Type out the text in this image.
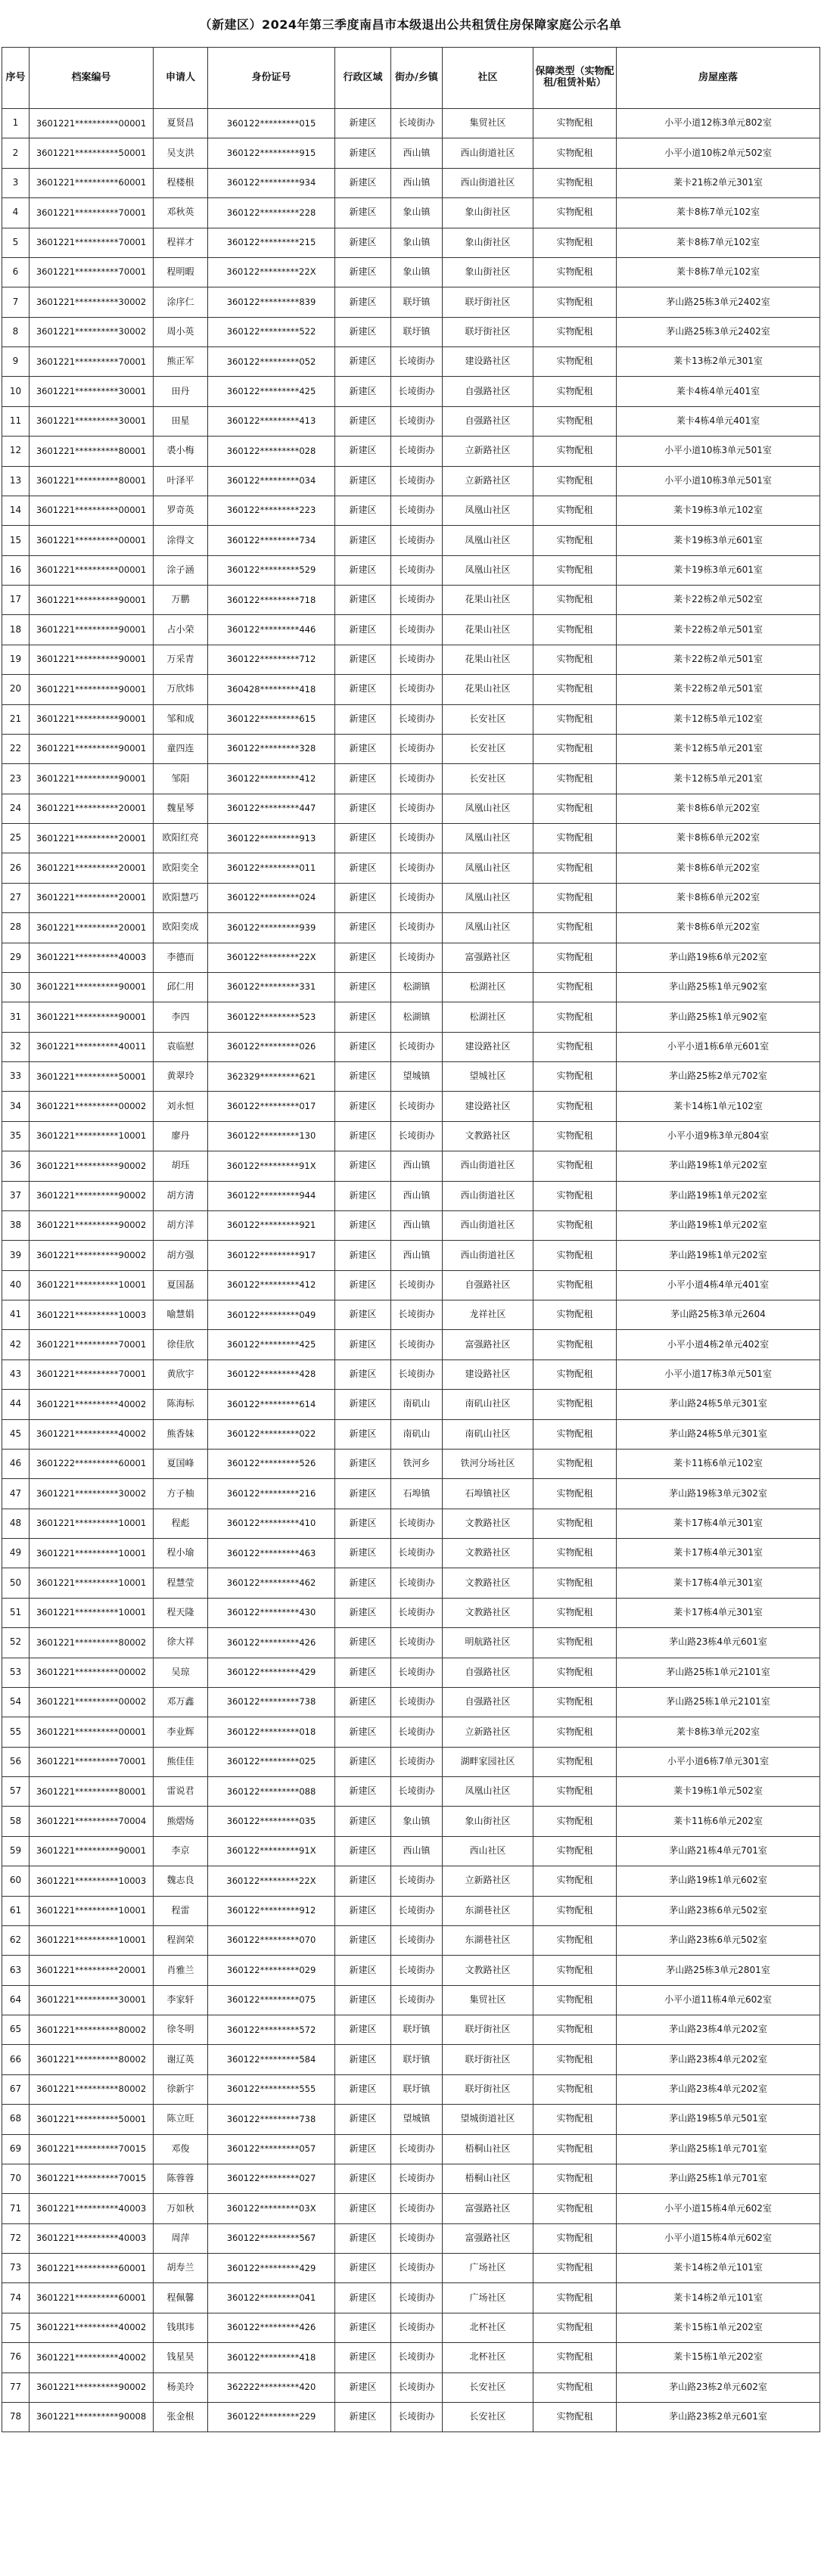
（新建区）2024年第三季度南昌市本级退出公共租赁住房保障家庭公示名单
序号	档案编号	申请人	身份证号	行政区域	街办/乡镇	社区	保障类型（实物配租/租赁补贴）	房屋座落
1	3601221**********00001	夏贤昌	360122*********015	新建区	长堎街办	集贸社区	实物配租	小平小道12栋3单元802室
2	3601221**********50001	吴支洪	360122*********915	新建区	西山镇	西山街道社区	实物配租	小平小道10栋2单元502室
3	3601221**********60001	程楼根	360122*********934	新建区	西山镇	西山街道社区	实物配租	莱卡21栋2单元301室
4	3601221**********70001	邓秋英	360122*********228	新建区	象山镇	象山街社区	实物配租	莱卡8栋7单元102室
5	3601221**********70001	程祥才	360122*********215	新建区	象山镇	象山街社区	实物配租	莱卡8栋7单元102室
6	3601221**********70001	程明暇	360122*********22X	新建区	象山镇	象山街社区	实物配租	莱卡8栋7单元102室
7	3601221**********30002	涂序仁	360122*********839	新建区	联圩镇	联圩街社区	实物配租	茅山路25栋3单元2402室
8	3601221**********30002	周小英	360122*********522	新建区	联圩镇	联圩街社区	实物配租	茅山路25栋3单元2402室
9	3601221**********70001	熊正军	360122*********052	新建区	长堎街办	建设路社区	实物配租	莱卡13栋2单元301室
10	3601221**********30001	田丹	360122*********425	新建区	长堎街办	自强路社区	实物配租	莱卡4栋4单元401室
11	3601221**********30001	田星	360122*********413	新建区	长堎街办	自强路社区	实物配租	莱卡4栋4单元401室
12	3601221**********80001	裘小梅	360122*********028	新建区	长堎街办	立新路社区	实物配租	小平小道10栋3单元501室
13	3601221**********80001	叶泽平	360122*********034	新建区	长堎街办	立新路社区	实物配租	小平小道10栋3单元501室
14	3601221**********00001	罗奇英	360122*********223	新建区	长堎街办	凤凰山社区	实物配租	莱卡19栋3单元102室
15	3601221**********00001	涂得文	360122*********734	新建区	长堎街办	凤凰山社区	实物配租	莱卡19栋3单元601室
16	3601221**********00001	涂子涵	360122*********529	新建区	长堎街办	凤凰山社区	实物配租	莱卡19栋3单元601室
17	3601221**********90001	万鹏	360122*********718	新建区	长堎街办	花果山社区	实物配租	莱卡22栋2单元502室
18	3601221**********90001	占小荣	360122*********446	新建区	长堎街办	花果山社区	实物配租	莱卡22栋2单元501室
19	3601221**********90001	万采青	360122*********712	新建区	长堎街办	花果山社区	实物配租	莱卡22栋2单元501室
20	3601221**********90001	万欣炜	360428*********418	新建区	长堎街办	花果山社区	实物配租	莱卡22栋2单元501室
21	3601221**********90001	邹和成	360122*********615	新建区	长堎街办	长安社区	实物配租	莱卡12栋5单元102室
22	3601221**********90001	童四连	360122*********328	新建区	长堎街办	长安社区	实物配租	莱卡12栋5单元201室
23	3601221**********90001	邹阳	360122*********412	新建区	长堎街办	长安社区	实物配租	莱卡12栋5单元201室
24	3601221**********20001	魏星琴	360122*********447	新建区	长堎街办	凤凰山社区	实物配租	莱卡8栋6单元202室
25	3601221**********20001	欧阳红亮	360122*********913	新建区	长堎街办	凤凰山社区	实物配租	莱卡8栋6单元202室
26	3601221**********20001	欧阳奕全	360122*********011	新建区	长堎街办	凤凰山社区	实物配租	莱卡8栋6单元202室
27	3601221**********20001	欧阳慧巧	360122*********024	新建区	长堎街办	凤凰山社区	实物配租	莱卡8栋6单元202室
28	3601221**********20001	欧阳奕成	360122*********939	新建区	长堎街办	凤凰山社区	实物配租	莱卡8栋6单元202室
29	3601221**********40003	李德而	360122*********22X	新建区	长堎街办	富强路社区	实物配租	茅山路19栋6单元202室
30	3601221**********90001	邱仁用	360122*********331	新建区	松湖镇	松湖社区	实物配租	茅山路25栋1单元902室
31	3601221**********90001	李四	360122*********523	新建区	松湖镇	松湖社区	实物配租	茅山路25栋1单元902室
32	3601221**********40011	袁临慰	360122*********026	新建区	长堎街办	建设路社区	实物配租	小平小道1栋6单元601室
33	3601221**********50001	黄翠玲	362329*********621	新建区	望城镇	望城社区	实物配租	茅山路25栋2单元702室
34	3601221**********00002	刘永恒	360122*********017	新建区	长堎街办	建设路社区	实物配租	莱卡14栋1单元102室
35	3601221**********10001	廖丹	360122*********130	新建区	长堎街办	文教路社区	实物配租	小平小道9栋3单元804室
36	3601221**********90002	胡珏	360122*********91X	新建区	西山镇	西山街道社区	实物配租	茅山路19栋1单元202室
37	3601221**********90002	胡方清	360122*********944	新建区	西山镇	西山街道社区	实物配租	茅山路19栋1单元202室
38	3601221**********90002	胡方洋	360122*********921	新建区	西山镇	西山街道社区	实物配租	茅山路19栋1单元202室
39	3601221**********90002	胡方强	360122*********917	新建区	西山镇	西山街道社区	实物配租	茅山路19栋1单元202室
40	3601221**********10001	夏国磊	360122*********412	新建区	长堎街办	自强路社区	实物配租	小平小道4栋4单元401室
41	3601221**********10003	喻慧娟	360122*********049	新建区	长堎街办	龙祥社区	实物配租	茅山路25栋3单元2604
42	3601221**********70001	徐佳欣	360122*********425	新建区	长堎街办	富强路社区	实物配租	小平小道4栋2单元402室
43	3601221**********70001	黄欣宇	360122*********428	新建区	长堎街办	建设路社区	实物配租	小平小道17栋3单元501室
44	3601221**********40002	陈海标	360122*********614	新建区	南矶山	南矶山社区	实物配租	茅山路24栋5单元301室
45	3601221**********40002	熊香妹	360122*********022	新建区	南矶山	南矶山社区	实物配租	茅山路24栋5单元301室
46	3601222**********60001	夏国峰	360122*********526	新建区	铁河乡	铁河分场社区	实物配租	莱卡11栋6单元102室
47	3601221**********30002	方子柚	360122*********216	新建区	石埠镇	石埠镇社区	实物配租	茅山路19栋3单元302室
48	3601221**********10001	程彪	360122*********410	新建区	长堎街办	文教路社区	实物配租	莱卡17栋4单元301室
49	3601221**********10001	程小瑜	360122*********463	新建区	长堎街办	文教路社区	实物配租	莱卡17栋4单元301室
50	3601221**********10001	程慧莹	360122*********462	新建区	长堎街办	文教路社区	实物配租	莱卡17栋4单元301室
51	3601221**********10001	程天隆	360122*********430	新建区	长堎街办	文教路社区	实物配租	莱卡17栋4单元301室
52	3601221**********80002	徐大祥	360122*********426	新建区	长堎街办	明航路社区	实物配租	茅山路23栋4单元601室
53	3601221**********00002	吴琼	360122*********429	新建区	长堎街办	自强路社区	实物配租	茅山路25栋1单元2101室
54	3601221**********00002	邓万鑫	360122*********738	新建区	长堎街办	自强路社区	实物配租	茅山路25栋1单元2101室
55	3601221**********00001	李业辉	360122*********018	新建区	长堎街办	立新路社区	实物配租	莱卡8栋3单元202室
56	3601221**********70001	熊佳佳	360122*********025	新建区	长堎街办	湖畔家园社区	实物配租	小平小道6栋7单元301室
57	3601221**********80001	雷说君	360122*********088	新建区	长堎街办	凤凰山社区	实物配租	莱卡19栋1单元502室
58	3601221**********70004	熊熠炀	360122*********035	新建区	象山镇	象山街社区	实物配租	莱卡11栋6单元202室
59	3601221**********90001	李京	360122*********91X	新建区	西山镇	西山社区	实物配租	茅山路21栋4单元701室
60	3601221**********10003	魏志良	360122*********22X	新建区	长堎街办	立新路社区	实物配租	茅山路19栋1单元602室
61	3601221**********10001	程雷	360122*********912	新建区	长堎街办	东湖巷社区	实物配租	茅山路23栋6单元502室
62	3601221**********10001	程润荣	360122*********070	新建区	长堎街办	东湖巷社区	实物配租	茅山路23栋6单元502室
63	3601221**********20001	肖雅兰	360122*********029	新建区	长堎街办	文教路社区	实物配租	茅山路25栋3单元2801室
64	3601221**********30001	李家轩	360122*********075	新建区	长堎街办	集贸社区	实物配租	小平小道11栋4单元602室
65	3601221**********80002	徐冬明	360122*********572	新建区	联圩镇	联圩街社区	实物配租	茅山路23栋4单元202室
66	3601221**********80002	谢辽英	360122*********584	新建区	联圩镇	联圩街社区	实物配租	茅山路23栋4单元202室
67	3601221**********80002	徐新宇	360122*********555	新建区	联圩镇	联圩街社区	实物配租	茅山路23栋4单元202室
68	3601221**********50001	陈立旺	360122*********738	新建区	望城镇	望城街道社区	实物配租	茅山路19栋5单元501室
69	3601221**********70015	邓俊	360122*********057	新建区	长堎街办	梧桐山社区	实物配租	茅山路25栋1单元701室
70	3601221**********70015	陈蓉蓉	360122*********027	新建区	长堎街办	梧桐山社区	实物配租	茅山路25栋1单元701室
71	3601221**********40003	万如秋	360122*********03X	新建区	长堎街办	富强路社区	实物配租	小平小道15栋4单元602室
72	3601221**********40003	周萍	360122*********567	新建区	长堎街办	富强路社区	实物配租	小平小道15栋4单元602室
73	3601221**********60001	胡寿兰	360122*********429	新建区	长堎街办	广场社区	实物配租	莱卡14栋2单元101室
74	3601221**********60001	程佩馨	360122*********041	新建区	长堎街办	广场社区	实物配租	莱卡14栋2单元101室
75	3601221**********40002	钱琪玮	360122*********426	新建区	长堎街办	北杯社区	实物配租	莱卡15栋1单元202室
76	3601221**********40002	钱星昊	360122*********418	新建区	长堎街办	北杯社区	实物配租	莱卡15栋1单元202室
77	3601221**********90002	杨美玲	362222*********420	新建区	长堎街办	长安社区	实物配租	茅山路23栋2单元602室
78	3601221**********90008	张金根	360122*********229	新建区	长堎街办	长安社区	实物配租	茅山路23栋2单元601室
